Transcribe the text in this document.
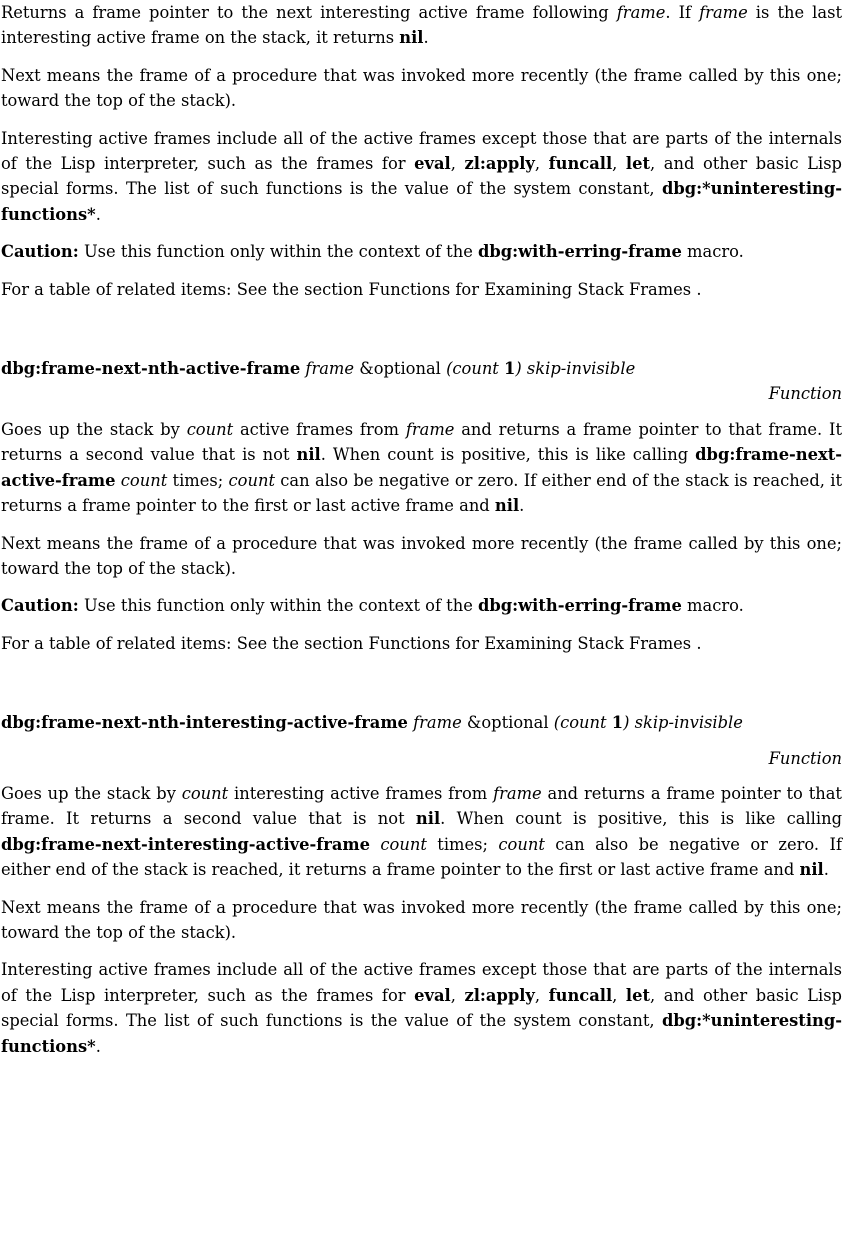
Returns a frame pointer to the next interesting active frame following frame. If frame is the last interesting active frame on the stack, it returns nil.

Next means the frame of a procedure that was invoked more recently (the frame called by this one; toward the top of the stack).

Interesting active frames include all of the active frames except those that are parts of the internals of the Lisp interpreter, such as the frames for eval, zl:apply, funcall, let, and other basic Lisp special forms. The list of such functions is the value of the system constant, dbg:*uninteresting-functions*.

Caution: Use this function only within the context of the dbg:with-erring-frame macro.

For a table of related items: See the section Functions for Examining Stack Frames .

dbg:frame-next-nth-active-frame frame &optional (count 1) skip-invisible

Function

Goes up the stack by count active frames from frame and returns a frame pointer to that frame. It returns a second value that is not nil. When count is positive, this is like calling dbg:frame-next-active-frame count times; count can also be negative or zero. If either end of the stack is reached, it returns a frame pointer to the first or last active frame and nil.

Next means the frame of a procedure that was invoked more recently (the frame called by this one; toward the top of the stack).

Caution: Use this function only within the context of the dbg:with-erring-frame macro.

For a table of related items: See the section Functions for Examining Stack Frames .

dbg:frame-next-nth-interesting-active-frame frame &optional (count 1) skip-invisible

Function

Goes up the stack by count interesting active frames from frame and returns a frame pointer to that frame. It returns a second value that is not nil. When count is positive, this is like calling dbg:frame-next-interesting-active-frame count times; count can also be negative or zero. If either end of the stack is reached, it returns a frame pointer to the first or last active frame and nil.

Next means the frame of a procedure that was invoked more recently (the frame called by this one; toward the top of the stack).

Interesting active frames include all of the active frames except those that are parts of the internals of the Lisp interpreter, such as the frames for eval, zl:apply, funcall, let, and other basic Lisp special forms. The list of such functions is the value of the system constant, dbg:*uninteresting-functions*.
